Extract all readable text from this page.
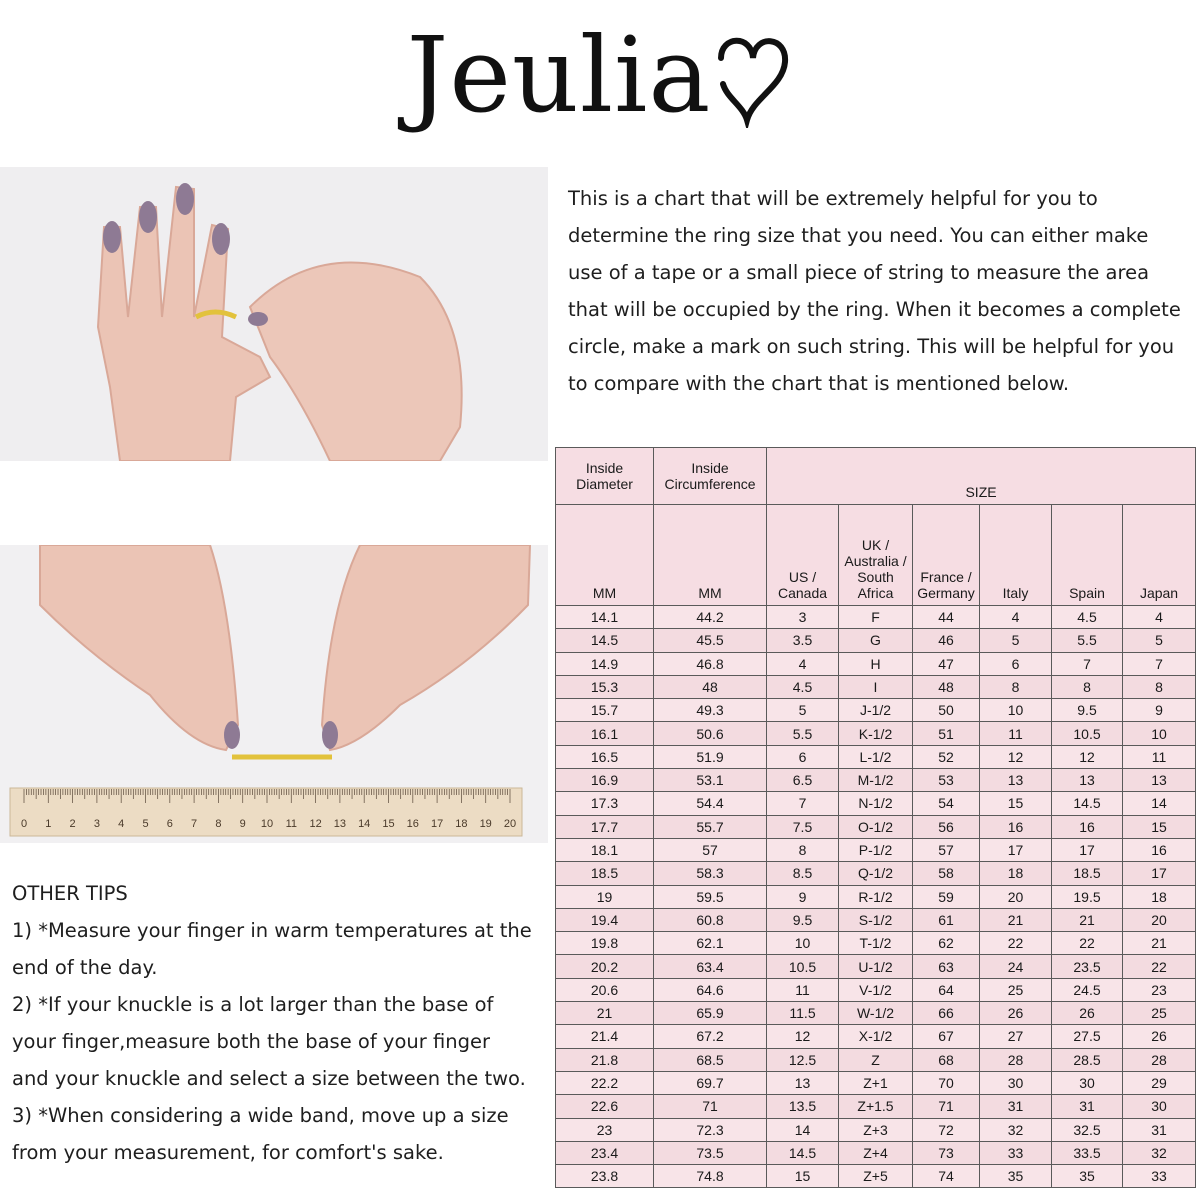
Jeulia
This is a chart that will be extremely helpful for you to determine the ring size that you need. You can either make use of a tape or a small piece of string to measure the area that will be occupied by the ring. When it becomes a complete circle, make a mark on such string. This will be helpful for you to compare with the chart that is mentioned below.
0 1 2 3 4 5 6 7 8 9 10 11 12 13 14 15 16 17 18 19 20

OTHER TIPS

1) *Measure your finger in warm temperatures at the end of the day.

2) *If your knuckle is a lot larger than the base of your finger,measure both the base of your finger and your knuckle and select a size between the two.

3) *When considering a wide band, move up a size from your measurement, for comfort's sake.

Inside Diameter	Inside Circumference	SIZE					
MM	MM	US / Canada	UK / Australia / South Africa	France / Germany	Italy	Spain	Japan
14.1	44.2	3	F	44	4	4.5	4
14.5	45.5	3.5	G	46	5	5.5	5
14.9	46.8	4	H	47	6	7	7
15.3	48	4.5	I	48	8	8	8
15.7	49.3	5	J-1/2	50	10	9.5	9
16.1	50.6	5.5	K-1/2	51	11	10.5	10
16.5	51.9	6	L-1/2	52	12	12	11
16.9	53.1	6.5	M-1/2	53	13	13	13
17.3	54.4	7	N-1/2	54	15	14.5	14
17.7	55.7	7.5	O-1/2	56	16	16	15
18.1	57	8	P-1/2	57	17	17	16
18.5	58.3	8.5	Q-1/2	58	18	18.5	17
19	59.5	9	R-1/2	59	20	19.5	18
19.4	60.8	9.5	S-1/2	61	21	21	20
19.8	62.1	10	T-1/2	62	22	22	21
20.2	63.4	10.5	U-1/2	63	24	23.5	22
20.6	64.6	11	V-1/2	64	25	24.5	23
21	65.9	11.5	W-1/2	66	26	26	25
21.4	67.2	12	X-1/2	67	27	27.5	26
21.8	68.5	12.5	Z	68	28	28.5	28
22.2	69.7	13	Z+1	70	30	30	29
22.6	71	13.5	Z+1.5	71	31	31	30
23	72.3	14	Z+3	72	32	32.5	31
23.4	73.5	14.5	Z+4	73	33	33.5	32
23.8	74.8	15	Z+5	74	35	35	33
